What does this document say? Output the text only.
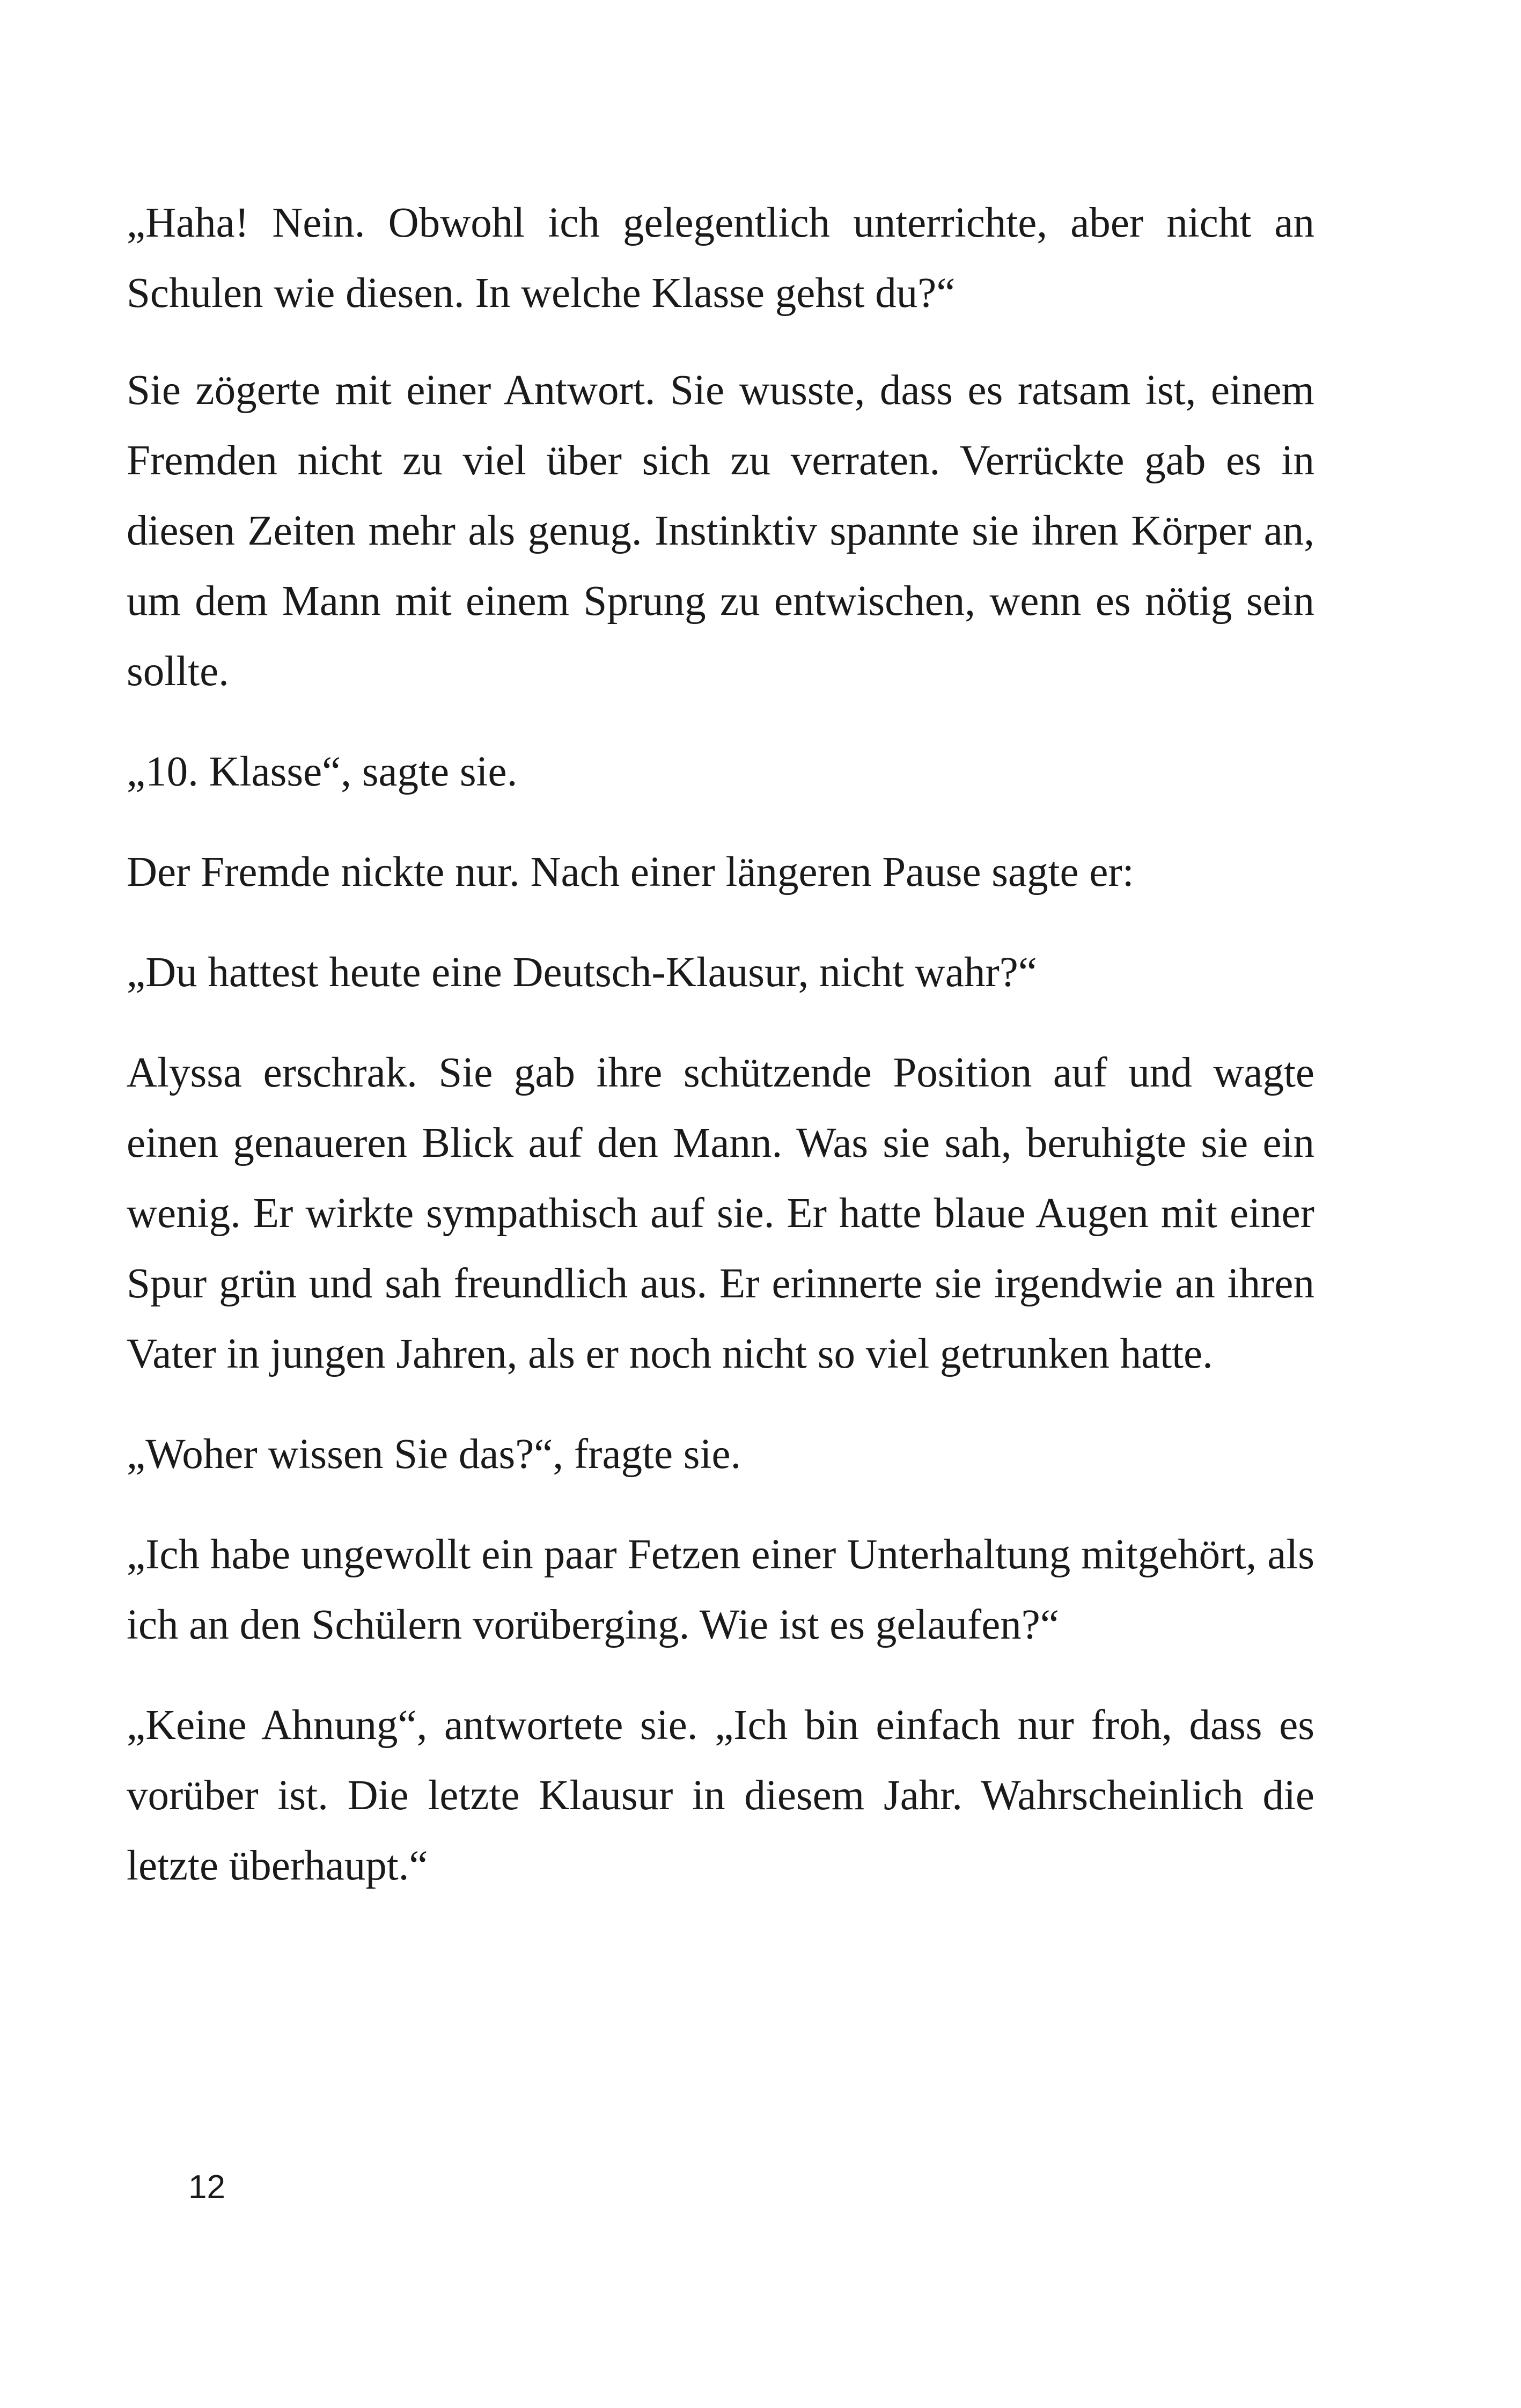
„Haha! Nein. Obwohl ich gelegentlich unterrichte, aber nicht an Schulen wie diesen. In welche Klasse gehst du?“

Sie zögerte mit einer Antwort. Sie wusste, dass es ratsam ist, einem Fremden nicht zu viel über sich zu verraten. Verrückte gab es in diesen Zeiten mehr als genug. Instinktiv spannte sie ihren Körper an, um dem Mann mit einem Sprung zu entwischen, wenn es nötig sein sollte.

„10. Klasse“, sagte sie.

Der Fremde nickte nur. Nach einer längeren Pause sagte er:

„Du hattest heute eine Deutsch-Klausur, nicht wahr?“

Alyssa erschrak. Sie gab ihre schützende Position auf und wagte einen genaueren Blick auf den Mann. Was sie sah, beruhigte sie ein wenig. Er wirkte sympathisch auf sie. Er hatte blaue Augen mit einer Spur grün und sah freundlich aus. Er erinnerte sie irgendwie an ihren Vater in jungen Jahren, als er noch nicht so viel getrunken hatte.

„Woher wissen Sie das?“, fragte sie.

„Ich habe ungewollt ein paar Fetzen einer Unterhaltung mitgehört, als ich an den Schülern vorüberging. Wie ist es gelaufen?“

„Keine Ahnung“, antwortete sie. „Ich bin einfach nur froh, dass es vorüber ist. Die letzte Klausur in diesem Jahr. Wahrscheinlich die letzte überhaupt.“

12
